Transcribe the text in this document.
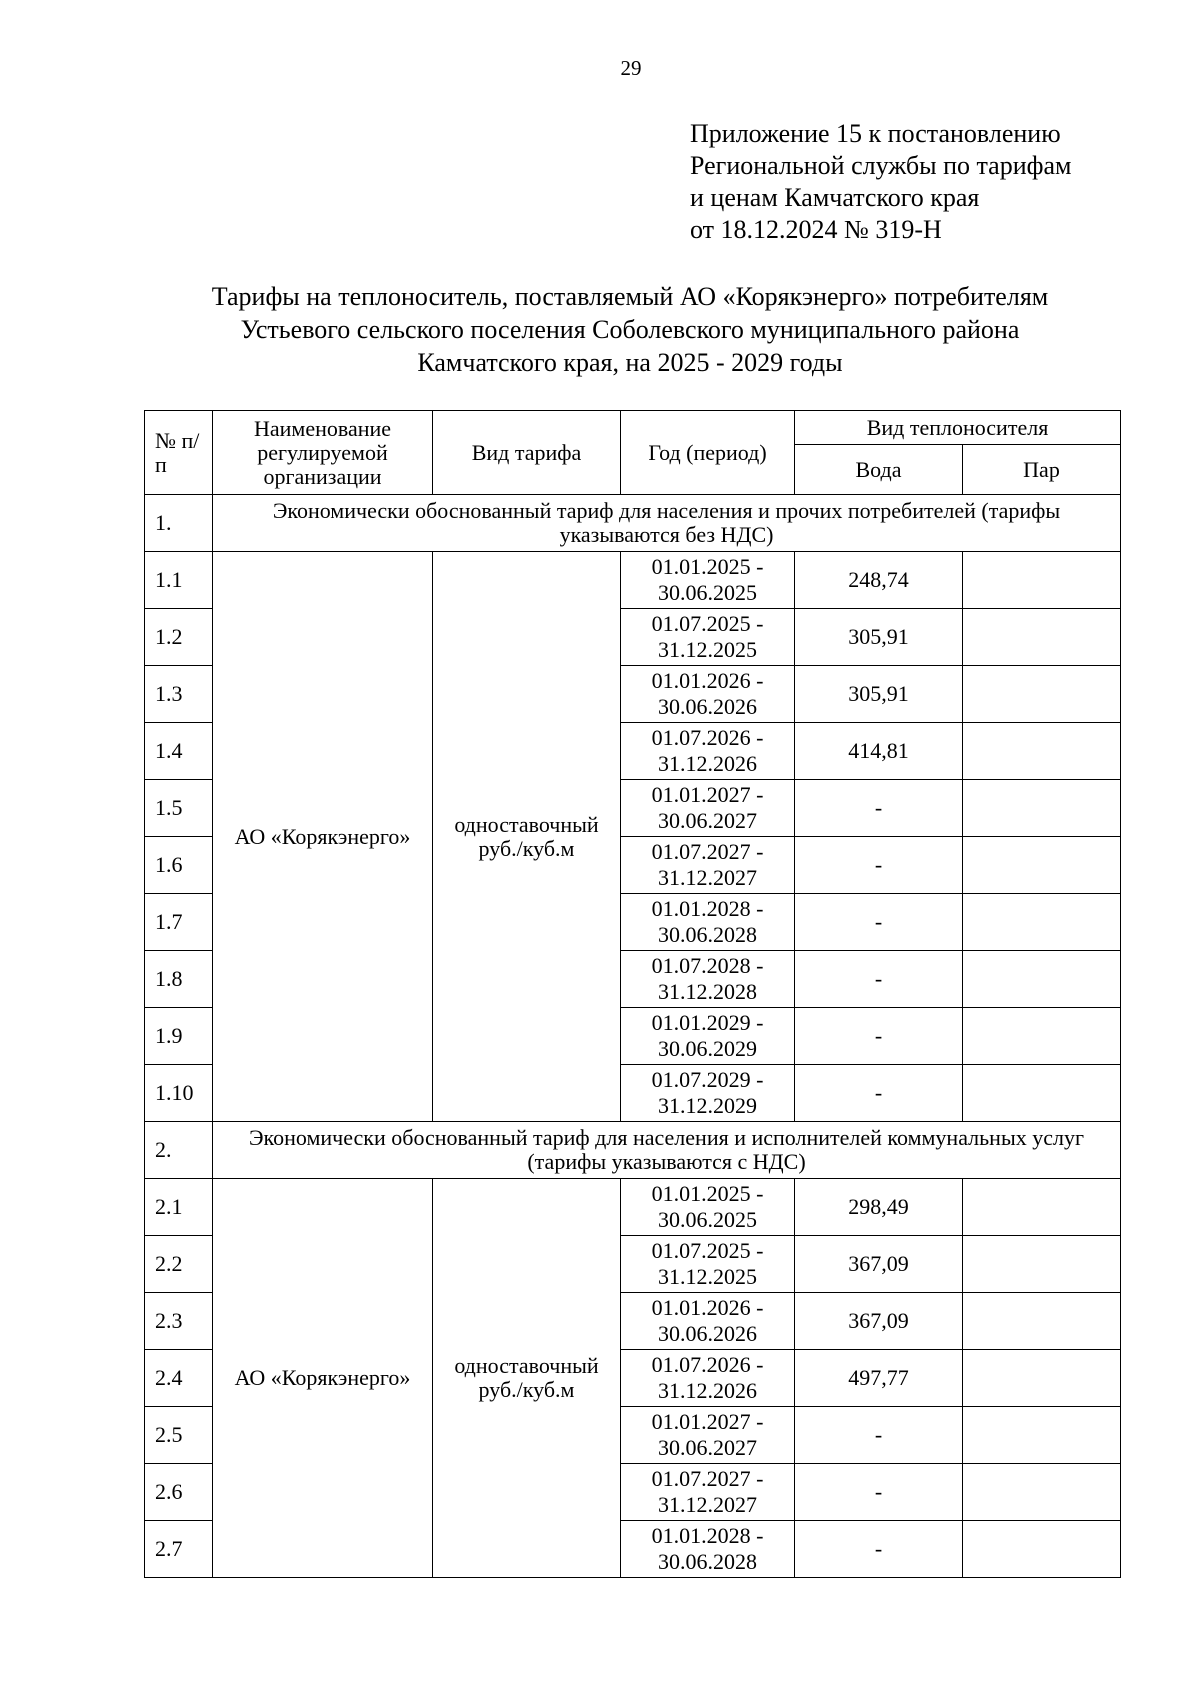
29
Приложение 15 к постановлению
Региональной службы по тарифам
и ценам Камчатского края
от 18.12.2024 № 319-Н
Тарифы на теплоноситель, поставляемый АО «Корякэнерго» потребителям
Устьевого сельского поселения Соболевского муниципального района
Камчатского края, на 2025 - 2029 годы
№ п/п	Наименование регулируемой организации	Вид тарифа	Год (период)	Вид теплоносителя	
				Вода	Пар
1.	Экономически обоснованный тариф для населения и прочих потребителей (тарифы указываются без НДС)				
1.1	АО «Корякэнерго»	одноставочный руб./куб.м	01.01.2025 - 30.06.2025	248,74	
1.2			01.07.2025 - 31.12.2025	305,91	
1.3			01.01.2026 - 30.06.2026	305,91	
1.4			01.07.2026 - 31.12.2026	414,81	
1.5			01.01.2027 - 30.06.2027	-	
1.6			01.07.2027 - 31.12.2027	-	
1.7			01.01.2028 - 30.06.2028	-	
1.8			01.07.2028 - 31.12.2028	-	
1.9			01.01.2029 - 30.06.2029	-	
1.10			01.07.2029 - 31.12.2029	-	
2.	Экономически обоснованный тариф для населения и исполнителей коммунальных услуг (тарифы указываются с НДС)				
2.1	АО «Корякэнерго»	одноставочный руб./куб.м	01.01.2025 - 30.06.2025	298,49	
2.2			01.07.2025 - 31.12.2025	367,09	
2.3			01.01.2026 - 30.06.2026	367,09	
2.4			01.07.2026 - 31.12.2026	497,77	
2.5			01.01.2027 - 30.06.2027	-	
2.6			01.07.2027 - 31.12.2027	-	
2.7			01.01.2028 - 30.06.2028	-	
